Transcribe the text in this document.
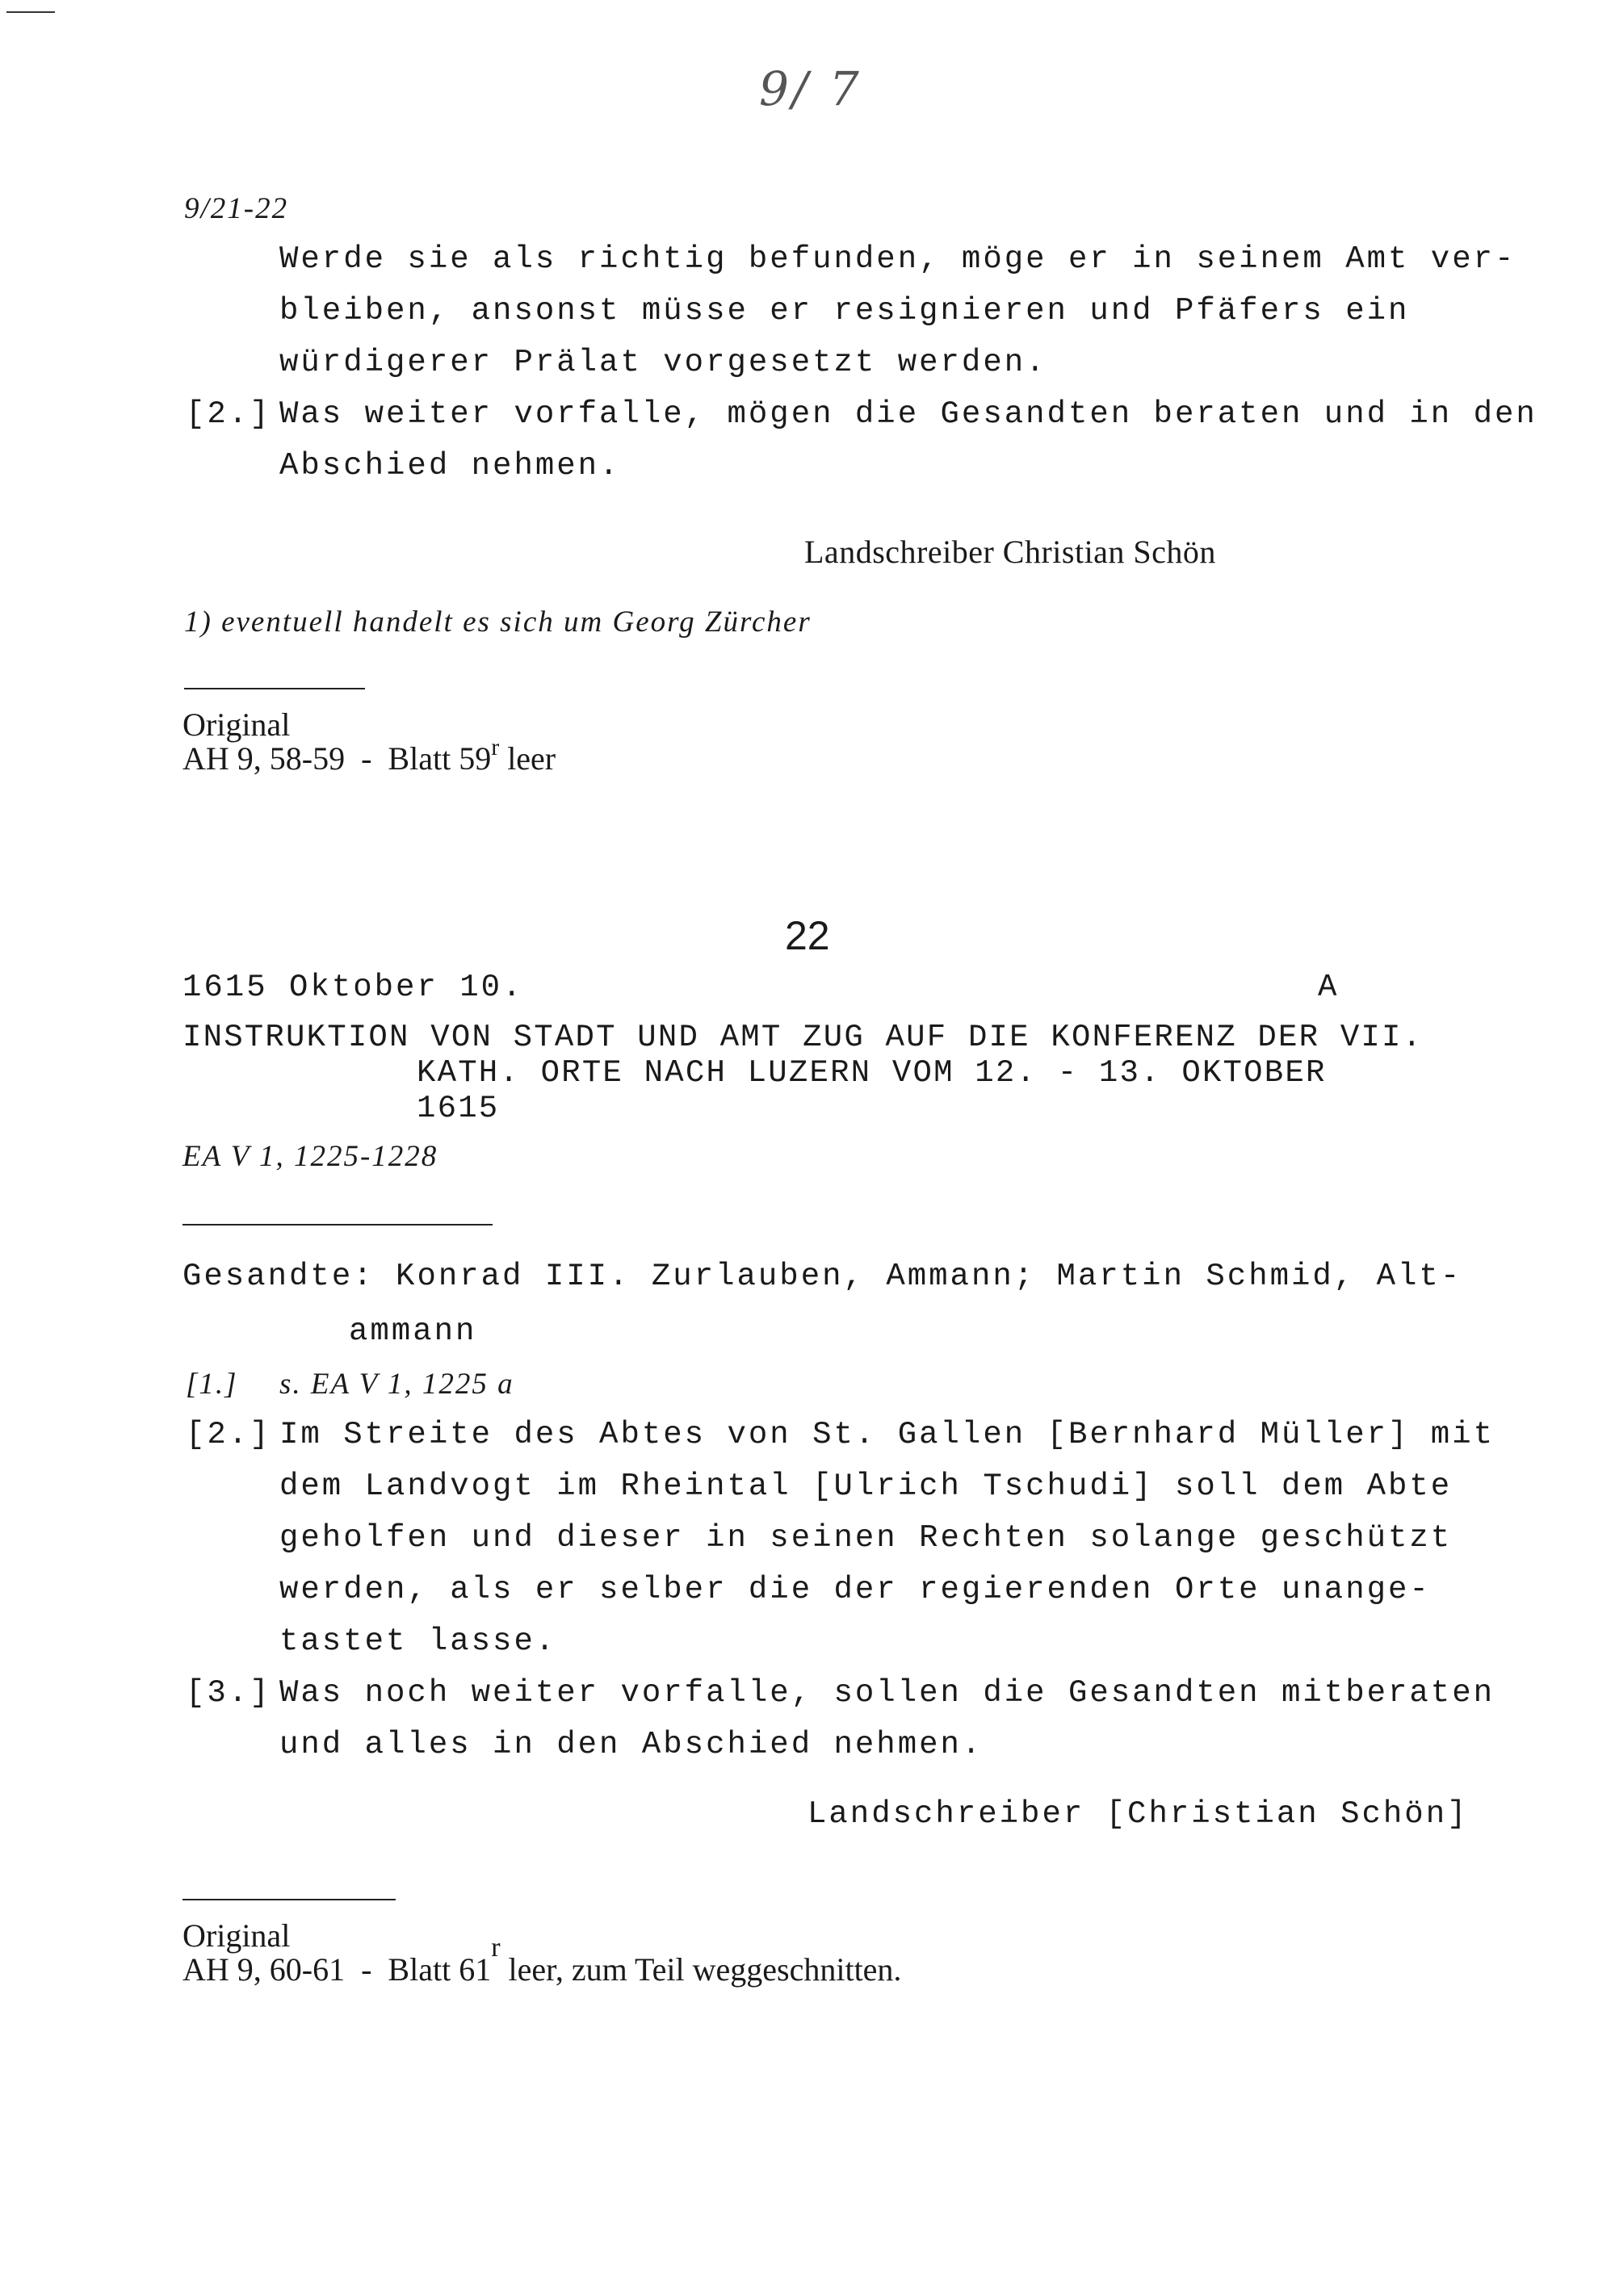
9/ 7
9/21-22
Werde sie als richtig befunden, möge er in seinem Amt ver-
bleiben, ansonst müsse er resignieren und Pfäfers ein
würdigerer Prälat vorgesetzt werden.
[2.] Was weiter vorfalle, mögen die Gesandten beraten und in den
Abschied nehmen.
Landschreiber Christian Schön
1) eventuell handelt es sich um Georg Zürcher
Original
AH 9, 58-59  -  Blatt 59$^r$ leer
22
1615 Oktober 10.	A
INSTRUKTION VON STADT UND AMT ZUG AUF DIE KONFERENZ DER VII.
KATH. ORTE NACH LUZERN VOM 12. - 13. OKTOBER
1615
EA V 1, 1225-1228
Gesandte: Konrad III. Zurlauben, Ammann; Martin Schmid, Alt-
ammann
[1.] s. EA V 1, 1225 a
[2.] Im Streite des Abtes von St. Gallen [Bernhard Müller] mit
dem Landvogt im Rheintal [Ulrich Tschudi] soll dem Abte
geholfen und dieser in seinen Rechten solange geschützt
werden, als er selber die der regierenden Orte unange-
tastet lasse.
[3.] Was noch weiter vorfalle, sollen die Gesandten mitberaten
und alles in den Abschied nehmen.
Landschreiber [Christian Schön]
Original
AH 9, 60-61  -  Blatt 61$^r$ leer, zum Teil weggeschnitten.
